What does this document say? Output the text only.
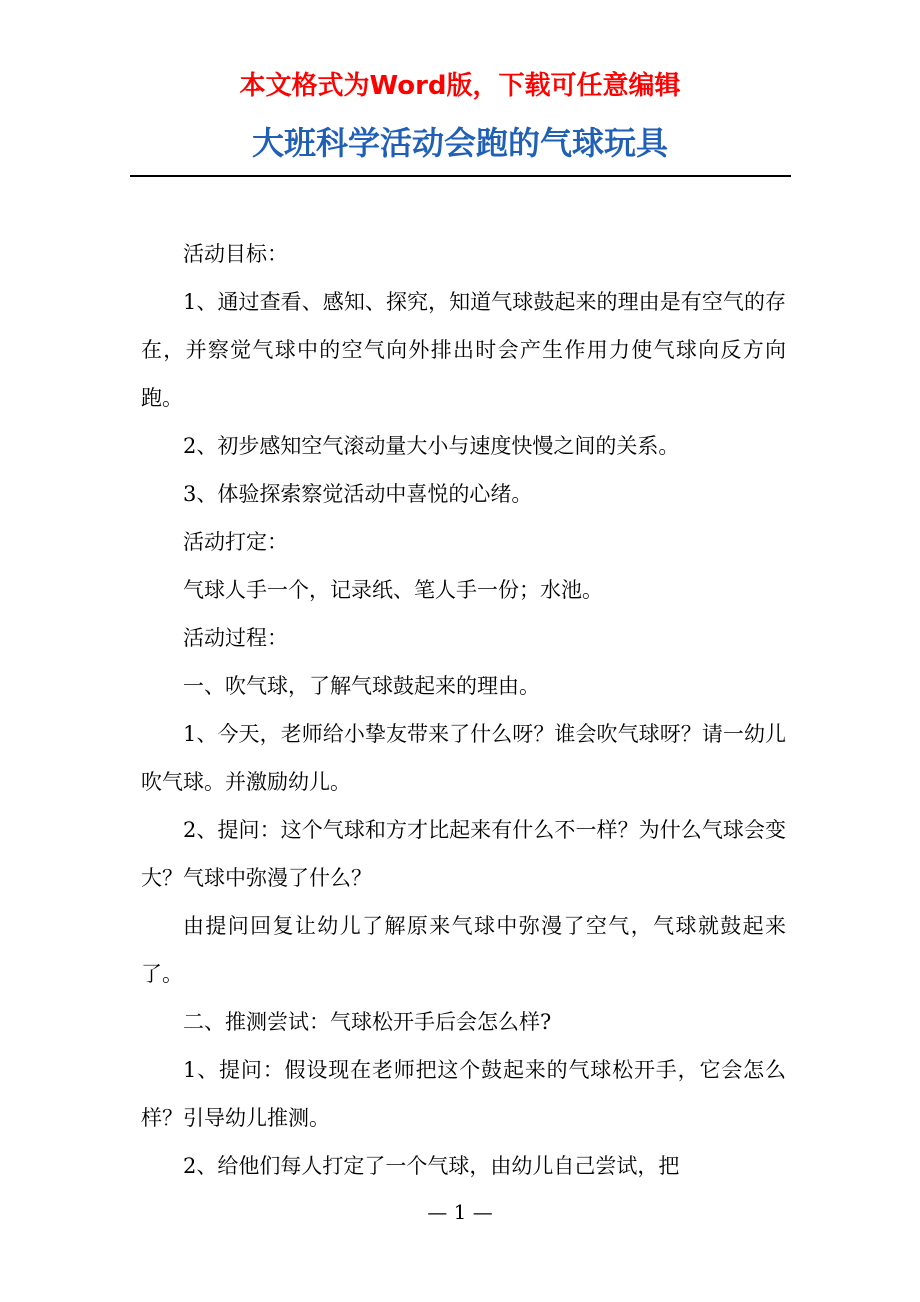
本文格式为Word版，下载可任意编辑
大班科学活动会跑的气球玩具

活动目标：

1、通过查看、感知、探究，知道气球鼓起来的理由是有空气的存在，并察觉气球中的空气向外排出时会产生作用力使气球向反方向跑。

2、初步感知空气滚动量大小与速度快慢之间的关系。

3、体验探索察觉活动中喜悦的心绪。

活动打定：

气球人手一个，记录纸、笔人手一份；水池。

活动过程：

一、吹气球，了解气球鼓起来的理由。

1、今天，老师给小挚友带来了什么呀？谁会吹气球呀？请一幼儿吹气球。并激励幼儿。

2、提问：这个气球和方才比起来有什么不一样？为什么气球会变大？气球中弥漫了什么？

由提问回复让幼儿了解原来气球中弥漫了空气，气球就鼓起来了。

二、推测尝试：气球松开手后会怎么样?

1、提问：假设现在老师把这个鼓起来的气球松开手，它会怎么样？引导幼儿推测。

2、给他们每人打定了一个气球，由幼儿自己尝试，把

— 1 —
